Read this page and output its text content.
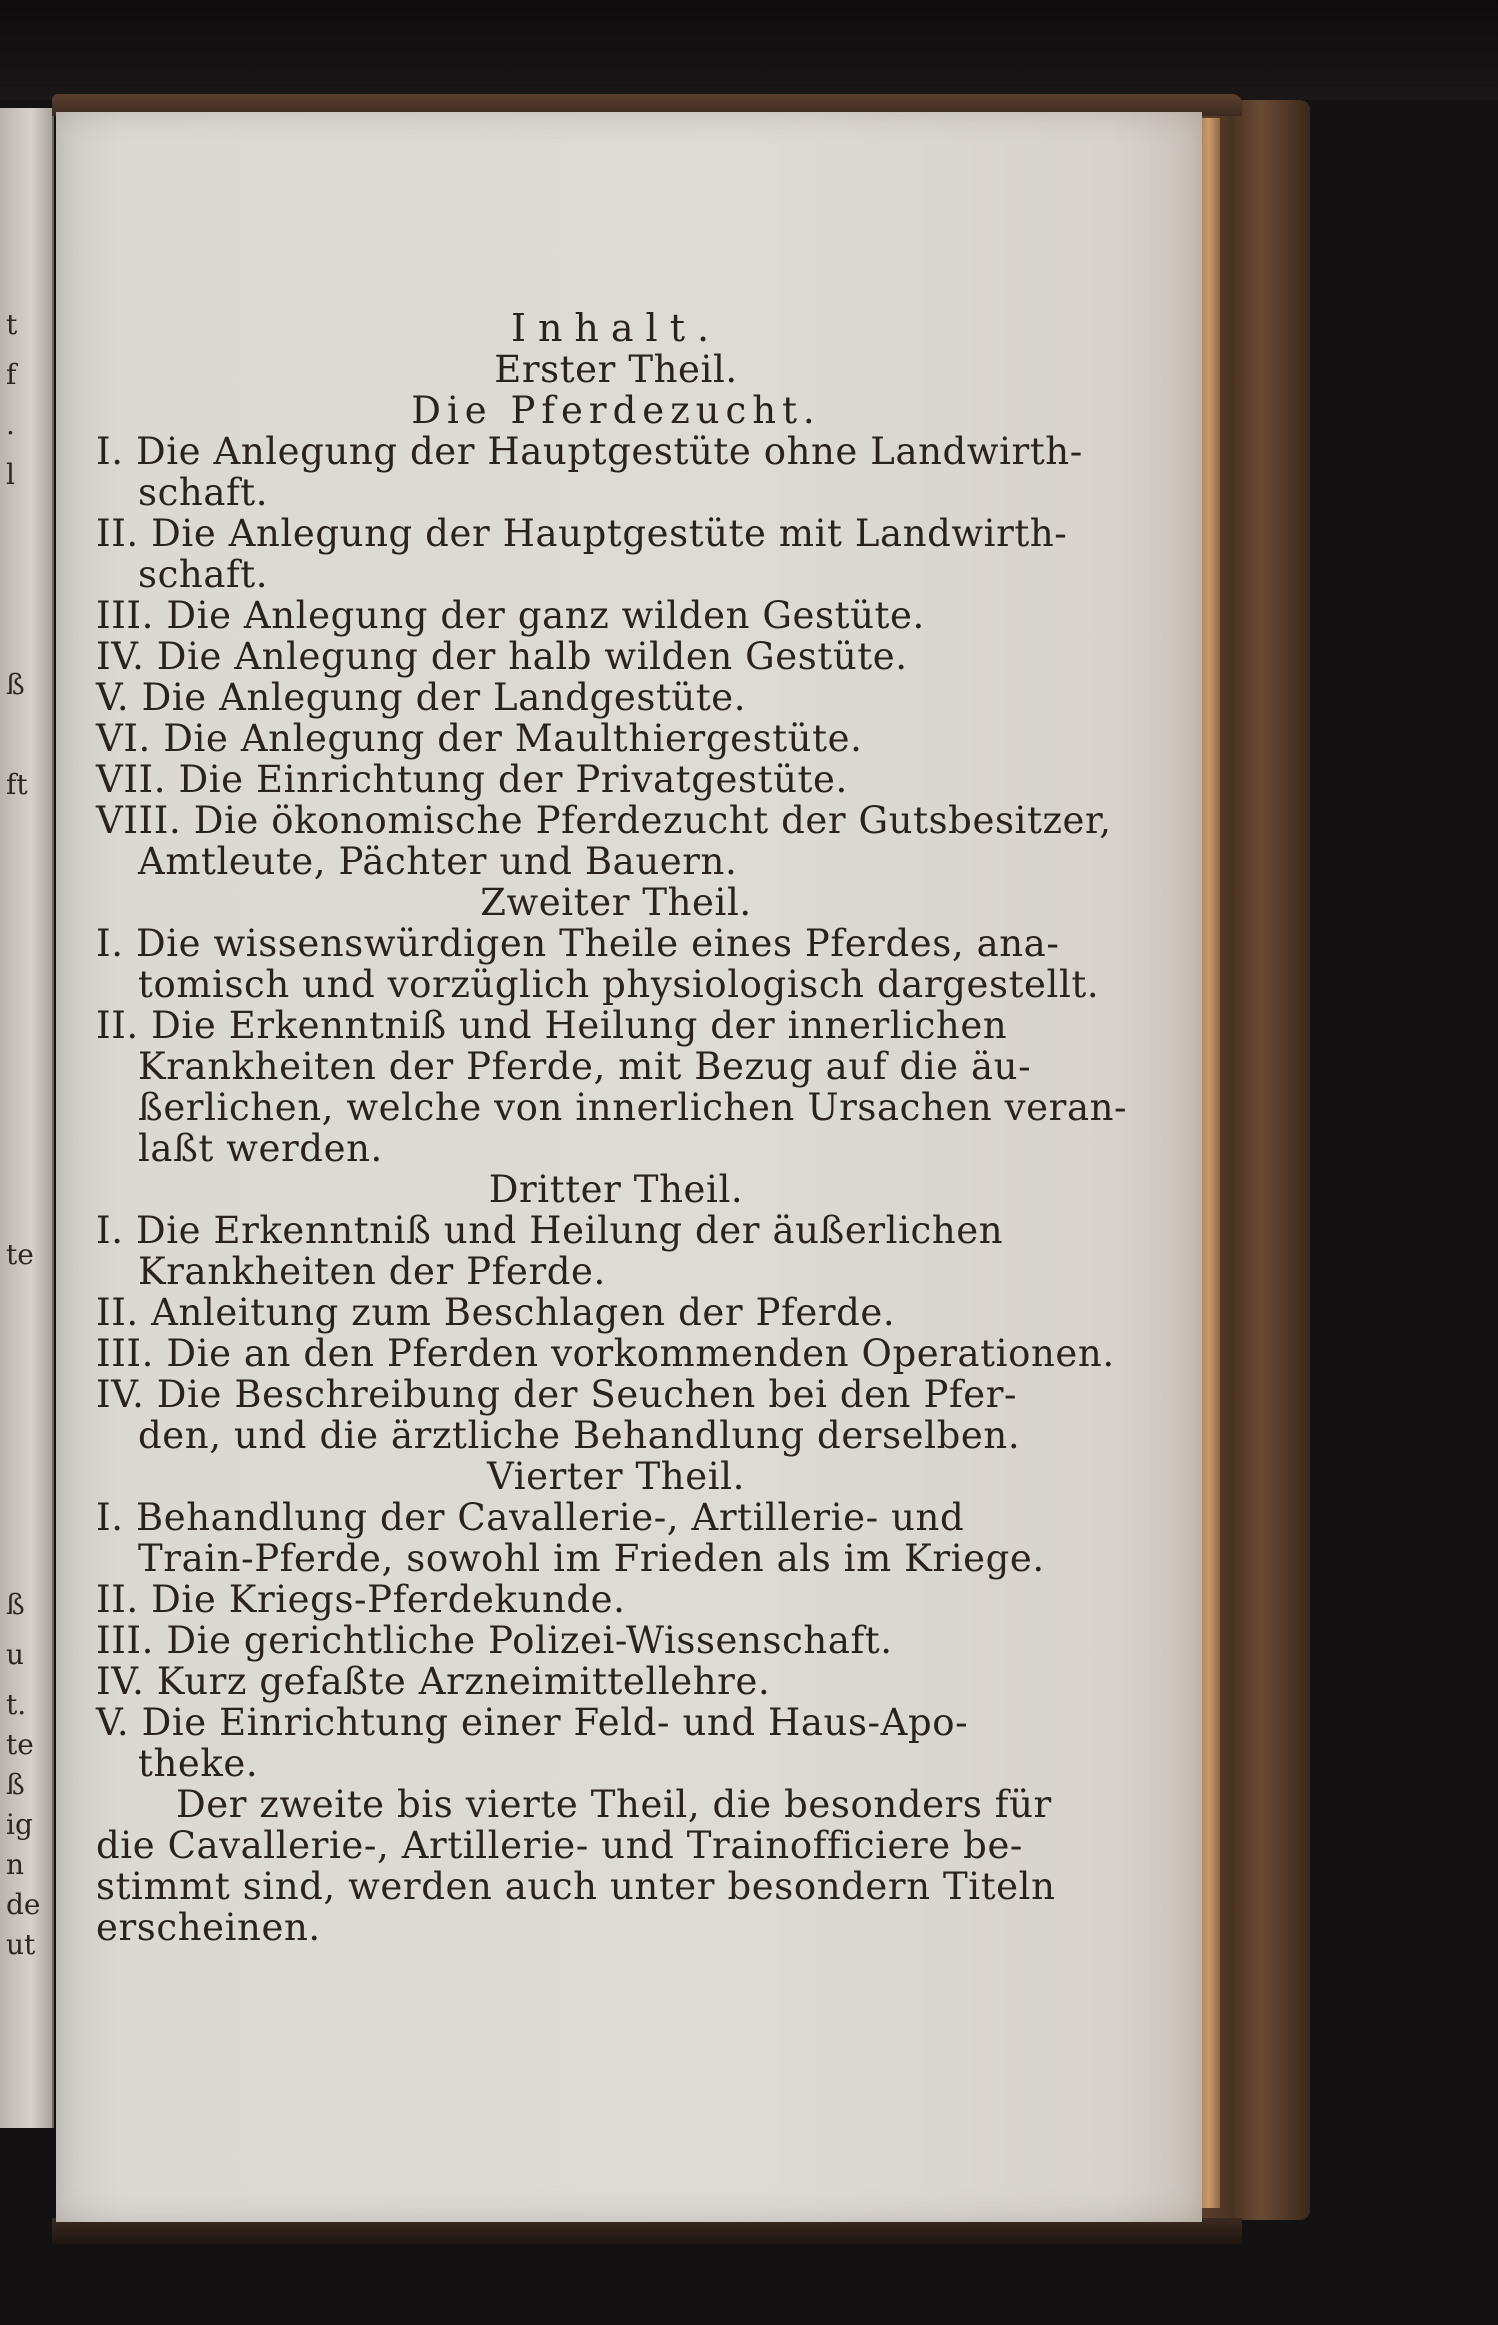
t
f
.
l
ß
ft
te
ß
u
t.
te
ß
ig
n
de
ut
Inhalt.
Erster Theil.
Die Pferdezucht.
I. Die Anlegung der Hauptgestüte ohne Landwirth-
schaft.
II. Die Anlegung der Hauptgestüte mit Landwirth-
schaft.
III. Die Anlegung der ganz wilden Gestüte.
IV. Die Anlegung der halb wilden Gestüte.
V. Die Anlegung der Landgestüte.
VI. Die Anlegung der Maulthiergestüte.
VII. Die Einrichtung der Privatgestüte.
VIII. Die ökonomische Pferdezucht der Gutsbesitzer,
Amtleute, Pächter und Bauern.
Zweiter Theil.
I. Die wissenswürdigen Theile eines Pferdes, ana-
tomisch und vorzüglich physiologisch dargestellt.
II. Die Erkenntniß und Heilung der innerlichen
Krankheiten der Pferde, mit Bezug auf die äu-
ßerlichen, welche von innerlichen Ursachen veran-
laßt werden.
Dritter Theil.
I. Die Erkenntniß und Heilung der äußerlichen
Krankheiten der Pferde.
II. Anleitung zum Beschlagen der Pferde.
III. Die an den Pferden vorkommenden Operationen.
IV. Die Beschreibung der Seuchen bei den Pfer-
den, und die ärztliche Behandlung derselben.
Vierter Theil.
I. Behandlung der Cavallerie-, Artillerie- und
Train-Pferde, sowohl im Frieden als im Kriege.
II. Die Kriegs-Pferdekunde.
III. Die gerichtliche Polizei-Wissenschaft.
IV. Kurz gefaßte Arzneimittellehre.
V. Die Einrichtung einer Feld- und Haus-Apo-
theke.
Der zweite bis vierte Theil, die besonders für
die Cavallerie-, Artillerie- und Trainofficiere be-
stimmt sind, werden auch unter besondern Titeln
erscheinen.
